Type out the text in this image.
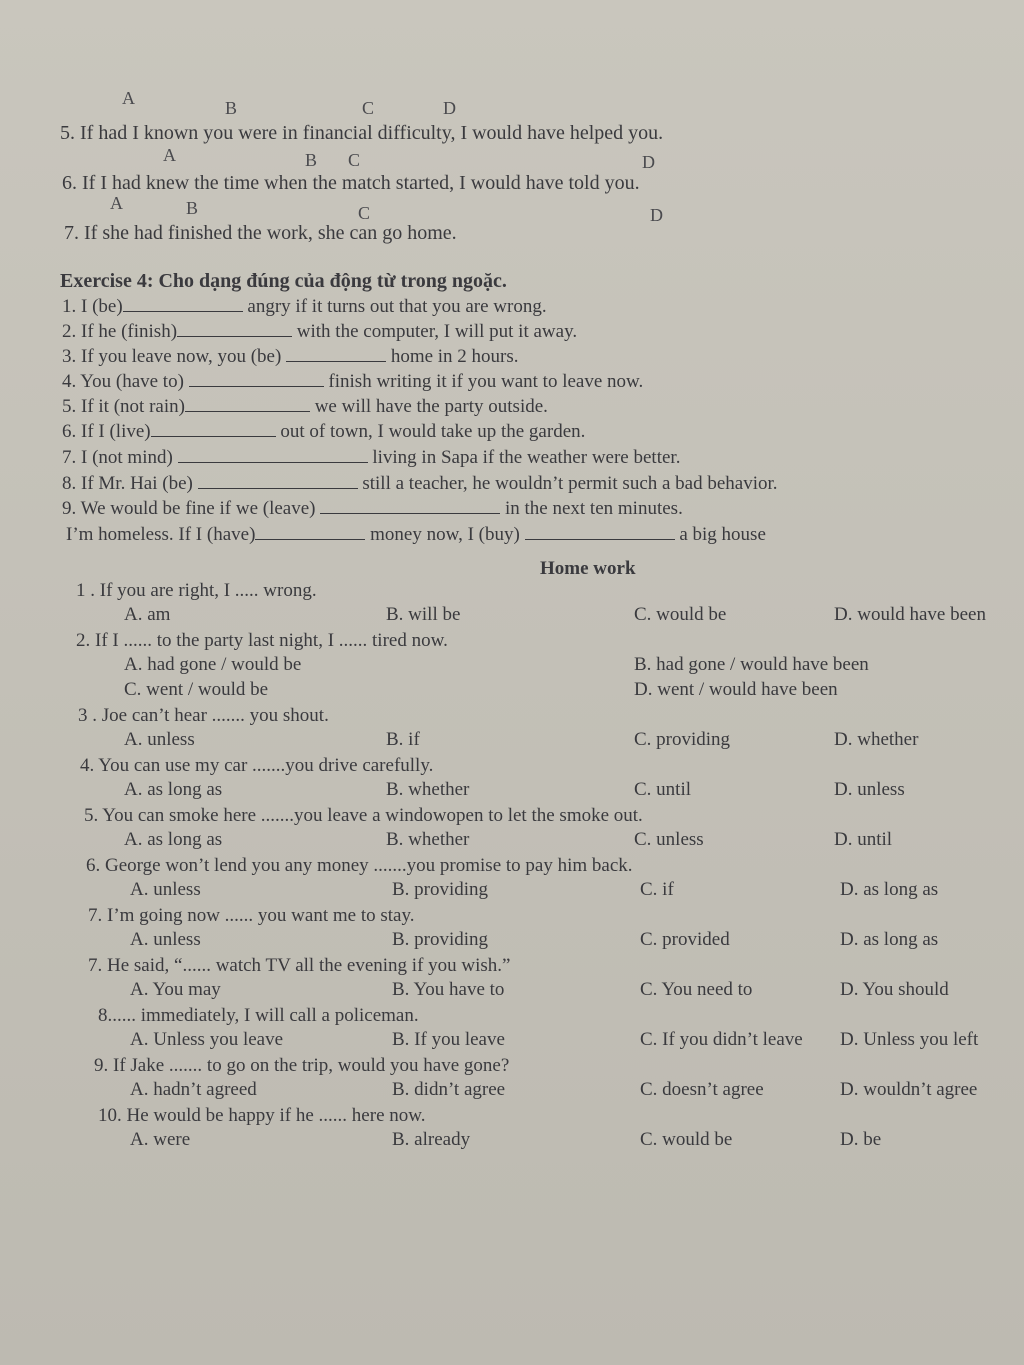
A	B	C	D
5. If had I known you were in financial difficulty, I would have helped you.
A	B C	D
6. If I had knew the time when the match started, I would have told you.
A	B	C	D
7. If she had finished the work, she can go home.
Exercise 4: Cho dạng đúng của động từ trong ngoặc.
1. I (be)	angry if it turns out that you are wrong.
2. If he (finish)	with the computer, I will put it away.
3. If you leave now, you (be)	home in 2 hours.
4. You (have to)	finish writing it if you want to leave now.
5. If it (not rain)	we will have the party outside.
6. If I (live)	out of town, I would take up the garden.
7. I (not mind)	living in Sapa if the weather were better.
8. If Mr. Hai (be)	still a teacher, he wouldn’t permit such a bad behavior.
9. We would be fine if we (leave)	in the next ten minutes.
I’m homeless. If I (have)	money now, I (buy)	a big house
Home work
1 . If you are right, I ..... wrong.
A. am	B. will be	C. would be	D. would have been
2. If I ...... to the party last night, I ...... tired now.
A. had gone / would be	B. had gone / would have been
C. went / would be	D. went / would have been
3 . Joe can’t hear ....... you shout.
A. unless	B. if	C. providing	D. whether
4. You can use my car .......you drive carefully.
A. as long as	B. whether	C. until	D. unless
5. You can smoke here .......you leave a windowopen to let the smoke out.
A. as long as	B. whether	C. unless	D. until
6. George won’t lend you any money .......you promise to pay him back.
A. unless	B. providing	C. if	D. as long as
7. I’m going now ...... you want me to stay.
A. unless	B. providing	C. provided	D. as long as
7. He said, “...... watch TV all the evening if you wish.”
A. You may	B. You have to	C. You need to	D. You should
8...... immediately, I will call a policeman.
A. Unless you leave	B. If you leave	C. If you didn’t leave D. Unless you left
9. If Jake ....... to go on the trip, would you have gone?
A. hadn’t agreed	B. didn’t agree	C. doesn’t agree	D. wouldn’t agree
10. He would be happy if he ...... here now.
A. were	B. already	C. would be	D. be
